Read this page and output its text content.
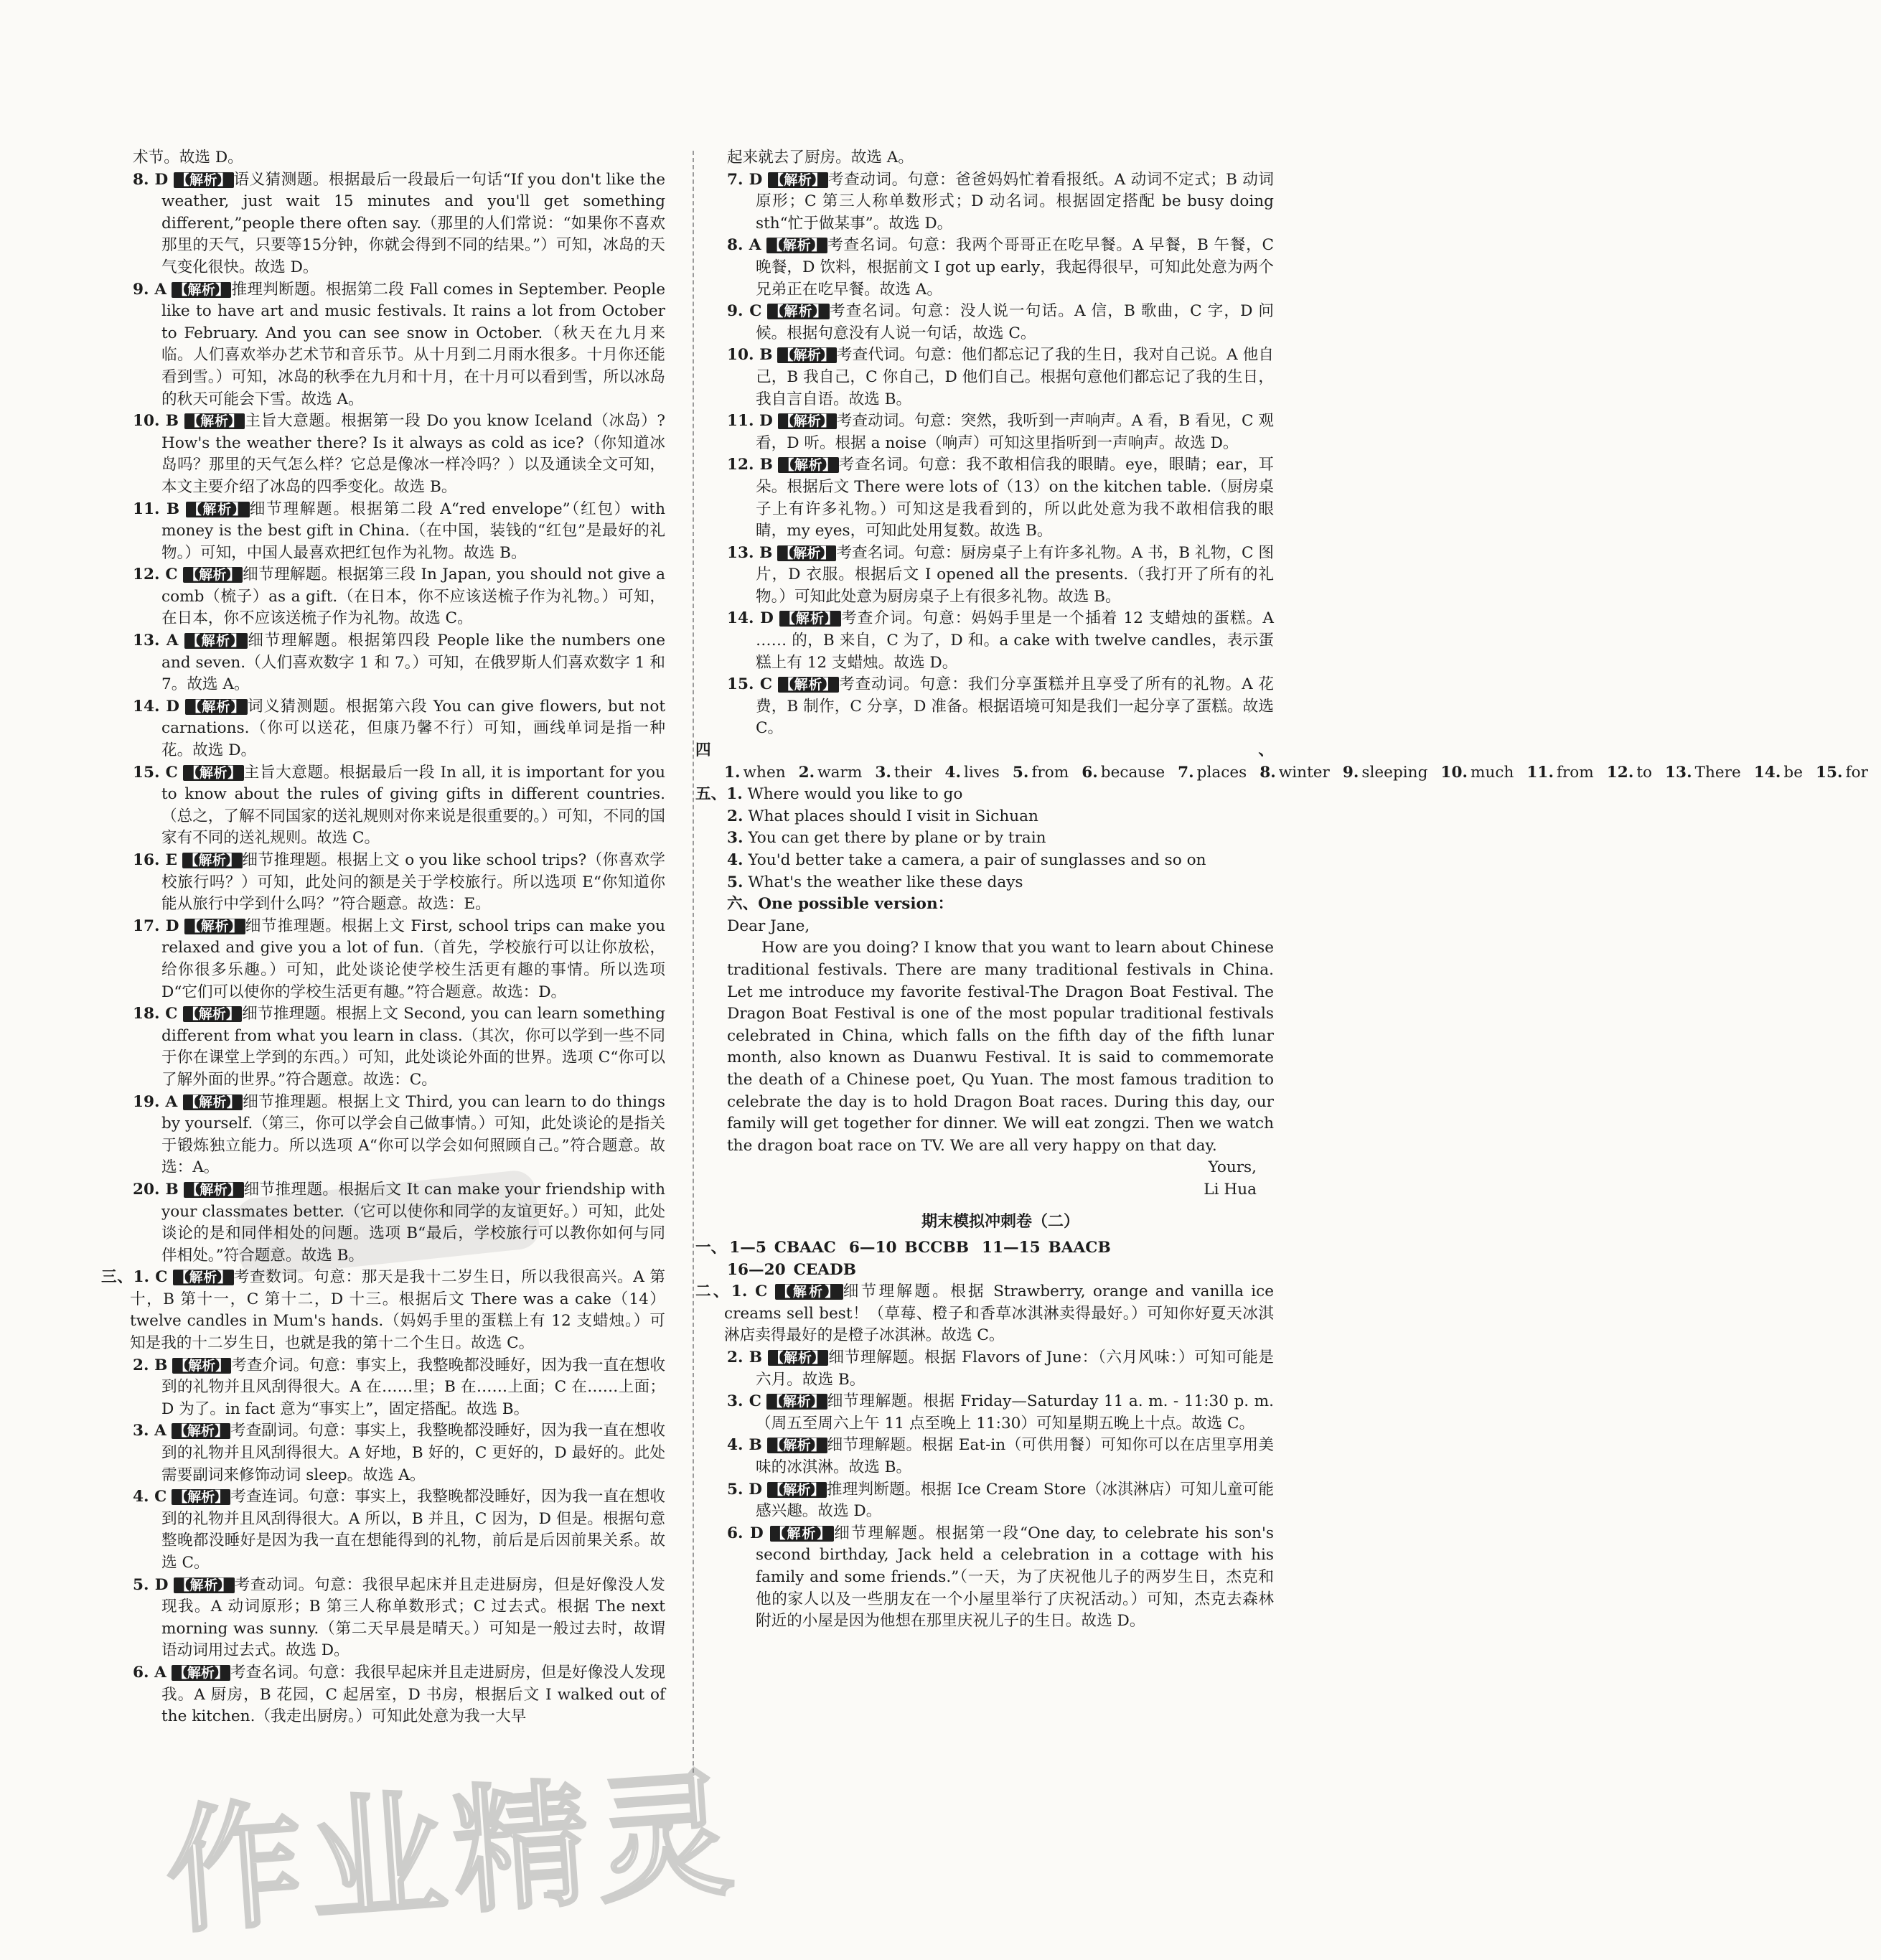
术节。故选 D。
8. D 【解析】 语义猜测题。根据最后一段最后一句话“If you don't like the weather, just wait 15 minutes and you'll get something different,”people there often say.（那里的人们常说：“如果你不喜欢那里的天气，只要等15分钟，你就会得到不同的结果。”）可知，冰岛的天气变化很快。故选 D。
9. A 【解析】 推理判断题。根据第二段 Fall comes in September. People like to have art and music festivals. It rains a lot from October to February. And you can see snow in October.（秋天在九月来临。人们喜欢举办艺术节和音乐节。从十月到二月雨水很多。十月你还能看到雪。）可知，冰岛的秋季在九月和十月，在十月可以看到雪，所以冰岛的秋天可能会下雪。故选 A。
10. B 【解析】 主旨大意题。根据第一段 Do you know Iceland（冰岛）? How's the weather there? Is it always as cold as ice?（你知道冰岛吗？那里的天气怎么样？它总是像冰一样冷吗？）以及通读全文可知，本文主要介绍了冰岛的四季变化。故选 B。
11. B 【解析】 细节理解题。根据第二段 A“red envelope”（红包）with money is the best gift in China.（在中国，装钱的“红包”是最好的礼物。）可知，中国人最喜欢把红包作为礼物。故选 B。
12. C 【解析】 细节理解题。根据第三段 In Japan, you should not give a comb（梳子）as a gift.（在日本，你不应该送梳子作为礼物。）可知，在日本，你不应该送梳子作为礼物。故选 C。
13. A 【解析】 细节理解题。根据第四段 People like the numbers one and seven.（人们喜欢数字 1 和 7。）可知，在俄罗斯人们喜欢数字 1 和 7。故选 A。
14. D 【解析】 词义猜测题。根据第六段 You can give flowers, but not carnations.（你可以送花，但康乃馨不行）可知，画线单词是指一种花。故选 D。
15. C 【解析】 主旨大意题。根据最后一段 In all, it is important for you to know about the rules of giving gifts in different countries.（总之，了解不同国家的送礼规则对你来说是很重要的。）可知，不同的国家有不同的送礼规则。故选 C。
16. E 【解析】 细节推理题。根据上文 o you like school trips?（你喜欢学校旅行吗？）可知，此处问的额是关于学校旅行。所以选项 E“你知道你能从旅行中学到什么吗？”符合题意。故选：E。
17. D 【解析】 细节推理题。根据上文 First, school trips can make you relaxed and give you a lot of fun.（首先，学校旅行可以让你放松，给你很多乐趣。）可知，此处谈论使学校生活更有趣的事情。所以选项 D“它们可以使你的学校生活更有趣。”符合题意。故选：D。
18. C 【解析】 细节推理题。根据上文 Second, you can learn something different from what you learn in class.（其次，你可以学到一些不同于你在课堂上学到的东西。）可知，此处谈论外面的世界。选项 C“你可以了解外面的世界。”符合题意。故选：C。
19. A 【解析】 细节推理题。根据上文 Third, you can learn to do things by yourself.（第三，你可以学会自己做事情。）可知，此处谈论的是指关于锻炼独立能力。所以选项 A“你可以学会如何照顾自己。”符合题意。故选：A。
20. B 【解析】 细节推理题。根据后文 It can make your friendship with your classmates better.（它可以使你和同学的友谊更好。）可知，此处谈论的是和同伴相处的问题。选项 B“最后，学校旅行可以教你如何与同伴相处。”符合题意。故选 B。
三、1. C 【解析】 考查数词。句意：那天是我十二岁生日，所以我很高兴。A 第十，B 第十一，C 第十二，D 十三。根据后文 There was a cake（14）twelve candles in Mum's hands.（妈妈手里的蛋糕上有 12 支蜡烛。）可知是我的十二岁生日，也就是我的第十二个生日。故选 C。
2. B 【解析】 考查介词。句意：事实上，我整晚都没睡好，因为我一直在想收到的礼物并且风刮得很大。A 在……里；B 在……上面；C 在……上面；D 为了。in fact 意为“事实上”，固定搭配。故选 B。
3. A 【解析】 考查副词。句意：事实上，我整晚都没睡好，因为我一直在想收到的礼物并且风刮得很大。A 好地，B 好的，C 更好的，D 最好的。此处需要副词来修饰动词 sleep。故选 A。
4. C 【解析】 考查连词。句意：事实上，我整晚都没睡好，因为我一直在想收到的礼物并且风刮得很大。A 所以，B 并且，C 因为，D 但是。根据句意整晚都没睡好是因为我一直在想能得到的礼物，前后是后因前果关系。故选 C。
5. D 【解析】 考查动词。句意：我很早起床并且走进厨房，但是好像没人发现我。A 动词原形；B 第三人称单数形式；C 过去式。根据 The next morning was sunny.（第二天早晨是晴天。）可知是一般过去时，故谓语动词用过去式。故选 D。
6. A 【解析】 考查名词。句意：我很早起床并且走进厨房，但是好像没人发现我。A 厨房，B 花园，C 起居室，D 书房，根据后文 I walked out of the kitchen.（我走出厨房。）可知此处意为我一大早
起来就去了厨房。故选 A。
7. D 【解析】 考查动词。句意：爸爸妈妈忙着看报纸。A 动词不定式；B 动词原形；C 第三人称单数形式；D 动名词。根据固定搭配 be busy doing sth“忙于做某事”。故选 D。
8. A 【解析】 考查名词。句意：我两个哥哥正在吃早餐。A 早餐，B 午餐，C 晚餐，D 饮料，根据前文 I got up early，我起得很早，可知此处意为两个兄弟正在吃早餐。故选 A。
9. C 【解析】 考查名词。句意：没人说一句话。A 信，B 歌曲，C 字，D 问候。根据句意没有人说一句话，故选 C。
10. B 【解析】 考查代词。句意：他们都忘记了我的生日，我对自己说。A 他自己，B 我自己，C 你自己，D 他们自己。根据句意他们都忘记了我的生日，我自言自语。故选 B。
11. D 【解析】 考查动词。句意：突然，我听到一声响声。A 看，B 看见，C 观看，D 听。根据 a noise（响声）可知这里指听到一声响声。故选 D。
12. B 【解析】 考查名词。句意：我不敢相信我的眼睛。eye，眼睛；ear，耳朵。根据后文 There were lots of（13）on the kitchen table.（厨房桌子上有许多礼物。）可知这是我看到的，所以此处意为我不敢相信我的眼睛，my eyes，可知此处用复数。故选 B。
13. B 【解析】 考查名词。句意：厨房桌子上有许多礼物。A 书，B 礼物，C 图片，D 衣服。根据后文 I opened all the presents.（我打开了所有的礼物。）可知此处意为厨房桌子上有很多礼物。故选 B。
14. D 【解析】 考查介词。句意：妈妈手里是一个插着 12 支蜡烛的蛋糕。A …… 的，B 来自，C 为了，D 和。a cake with twelve candles，表示蛋糕上有 12 支蜡烛。故选 D。
15. C 【解析】 考查动词。句意：我们分享蛋糕并且享受了所有的礼物。A 花费，B 制作，C 分享，D 准备。根据语境可知是我们一起分享了蛋糕。故选 C。
四、1. when 2. warm 3. their 4. lives 5. from 6. because 7. places 8. winter 9. sleeping 10. much 11. from 12. to 13. There 14. be 15. for
五、1. Where would you like to go
2. What places should I visit in Sichuan
3. You can get there by plane or by train
4. You'd better take a camera, a pair of sunglasses and so on
5. What's the weather like these days

六、One possible version：

Dear Jane,

How are you doing? I know that you want to learn about Chinese traditional festivals. There are many traditional festivals in China. Let me introduce my favorite festival-The Dragon Boat Festival. The Dragon Boat Festival is one of the most popular traditional festivals celebrated in China, which falls on the fifth day of the fifth lunar month, also known as Duanwu Festival. It is said to commemorate the death of a Chinese poet, Qu Yuan. The most famous tradition to celebrate the day is to hold Dragon Boat races. During this day, our family will get together for dinner. We will eat zongzi. Then we watch the dragon boat race on TV. We are all very happy on that day.

Yours,

Li Hua

期末模拟冲刺卷（二）
一、 1—5 CBAAC 6—10 BCCBB 11—15 BAACB
16—20 CEADB
二、1. C 【解析】 细节理解题。根据 Strawberry, orange and vanilla ice creams sell best！（草莓、橙子和香草冰淇淋卖得最好。）可知你好夏天冰淇淋店卖得最好的是橙子冰淇淋。故选 C。
2. B 【解析】 细节理解题。根据 Flavors of June：（六月风味：）可知可能是六月。故选 B。
3. C 【解析】 细节理解题。根据 Friday—Saturday 11 a. m. - 11:30 p. m.（周五至周六上午 11 点至晚上 11:30）可知星期五晚上十点。故选 C。
4. B 【解析】 细节理解题。根据 Eat-in（可供用餐）可知你可以在店里享用美味的冰淇淋。故选 B。
5. D 【解析】 推理判断题。根据 Ice Cream Store（冰淇淋店）可知儿童可能感兴趣。故选 D。
6. D 【解析】 细节理解题。根据第一段“One day, to celebrate his son's second birthday, Jack held a celebration in a cottage with his family and some friends.”（一天，为了庆祝他儿子的两岁生日，杰克和他的家人以及一些朋友在一个小屋里举行了庆祝活动。）可知，杰克去森林附近的小屋是因为他想在那里庆祝儿子的生日。故选 D。
作业精灵
